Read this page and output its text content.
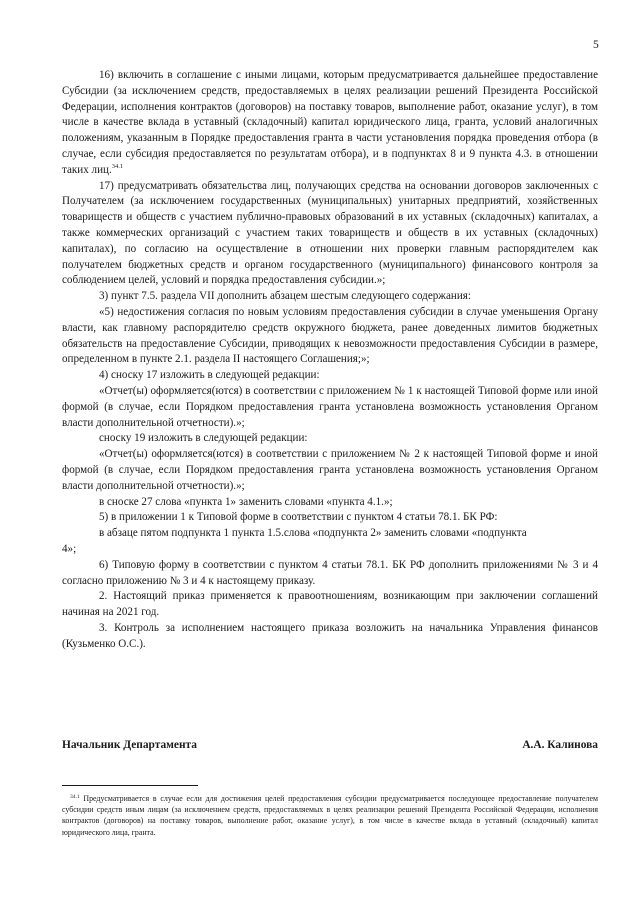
5

16) включить в соглашение с иными лицами, которым предусматривается дальнейшее предоставление Субсидии (за исключением средств, предоставляемых в целях реализации решений Президента Российской Федерации, исполнения контрактов (договоров) на поставку товаров, выполнение работ, оказание услуг), в том числе в качестве вклада в уставный (складочный) капитал юридического лица, гранта, условий аналогичных положениям, указанным в Порядке предоставления гранта в части установления порядка проведения отбора (в случае, если субсидия предоставляется по результатам отбора), и в подпунктах 8 и 9 пункта 4.3. в отношении таких лиц.$^{34.1}$

17) предусматривать обязательства лиц, получающих средства на основании договоров заключенных с Получателем (за исключением государственных (муниципальных) унитарных предприятий, хозяйственных товариществ и обществ с участием публично-правовых образований в их уставных (складочных) капиталах, а также коммерческих организаций с участием таких товариществ и обществ в их уставных (складочных) капиталах), по согласию на осуществление в отношении них проверки главным распорядителем как получателем бюджетных средств и органом государственного (муниципального) финансового контроля за соблюдением целей, условий и порядка предоставления субсидии.»;

3) пункт 7.5. раздела VII дополнить абзацем шестым следующего содержания:

«5) недостижения согласия по новым условиям предоставления субсидии в случае уменьшения Органу власти, как главному распорядителю средств окружного бюджета, ранее доведенных лимитов бюджетных обязательств на предоставление Субсидии, приводящих к невозможности предоставления Субсидии в размере, определенном в пункте 2.1. раздела II настоящего Соглашения;»;

4) сноску 17 изложить в следующей редакции:

«Отчет(ы) оформляется(ются) в соответствии с приложением № 1 к настоящей Типовой форме или иной формой (в случае, если Порядком предоставления гранта установлена возможность установления Органом власти дополнительной отчетности).»;

сноску 19 изложить в следующей редакции:

«Отчет(ы) оформляется(ются) в соответствии с приложением № 2 к настоящей Типовой форме и иной формой (в случае, если Порядком предоставления гранта установлена возможность установления Органом власти дополнительной отчетности).»;

в сноске 27 слова «пункта 1» заменить словами «пункта 4.1.»;

5) в приложении 1 к Типовой форме в соответствии с пунктом 4 статьи 78.1. БК РФ:

в абзаце пятом подпункта 1 пункта 1.5.слова «подпункта 2» заменить словами «подпункта

4»;

6) Типовую форму в соответствии с пунктом 4 статьи 78.1. БК РФ дополнить приложениями № 3 и 4 согласно приложению № 3 и 4 к настоящему приказу.

2. Настоящий приказ применяется к правоотношениям, возникающим при заключении соглашений начиная на 2021 год.

3. Контроль за исполнением настоящего приказа возложить на начальника Управления финансов (Кузьменко О.С.).

Начальник Департамента	А.А. Калинова
$^{34.1}$ Предусматривается в случае если для достижения целей предоставления субсидии предусматривается последующее предоставление получателем субсидии средств иным лицам (за исключением средств, предоставляемых в целях реализации решений Президента Российской Федерации, исполнения контрактов (договоров) на поставку товаров, выполнение работ, оказание услуг), в том числе в качестве вклада в уставный (складочный) капитал юридического лица, гранта.
